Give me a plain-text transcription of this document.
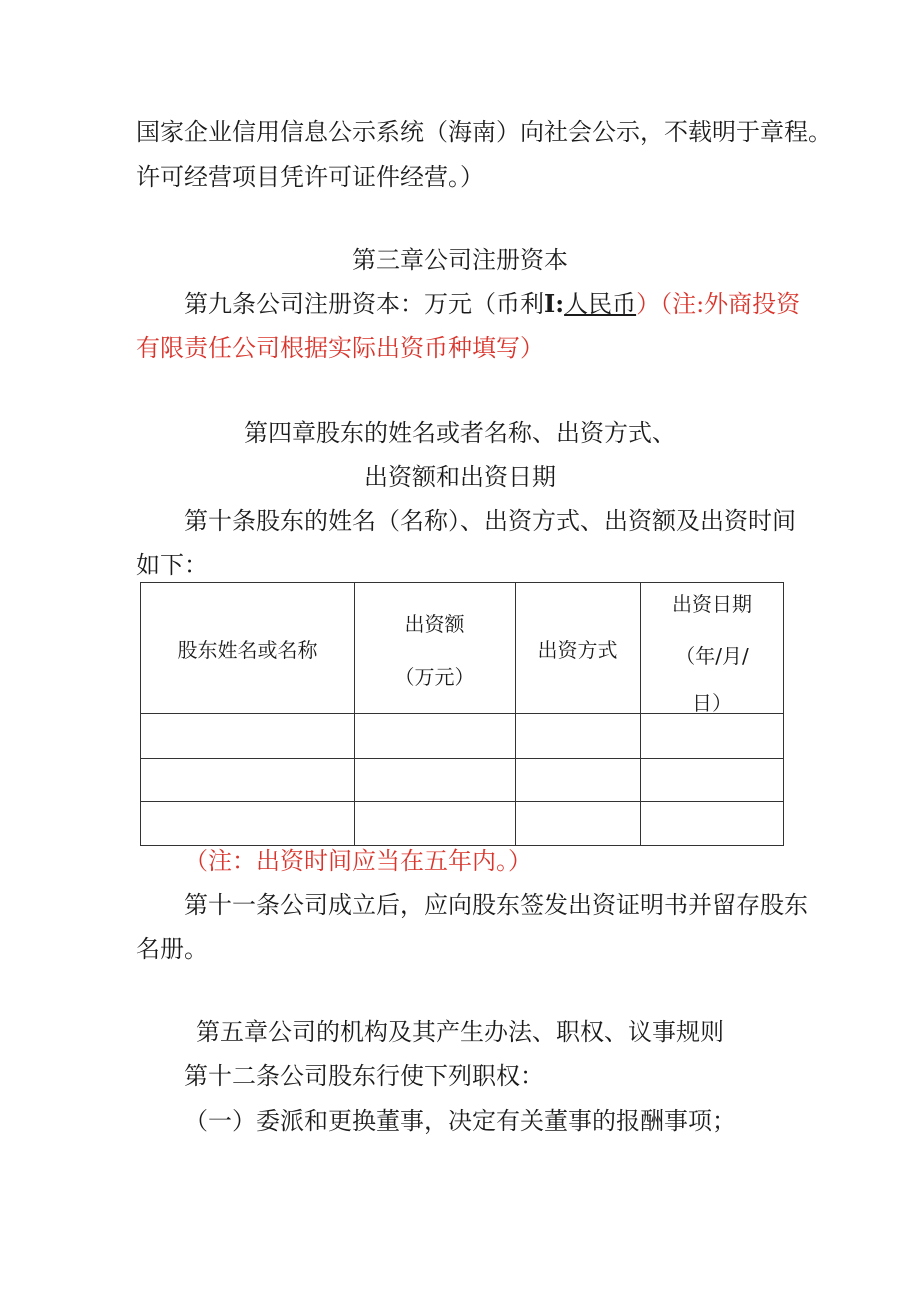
国家企业信用信息公示系统（海南）向社会公示，不载明于章程。
许可经营项目凭许可证件经营。）
第三章公司注册资本
第九条公司注册资本：万元（币利I:人民币）（注:外商投资
有限责任公司根据实际出资币种填写）
第四章股东的姓名或者名称、出资方式、
出资额和出资日期
第十条股东的姓名（名称）、出资方式、出资额及出资时间
如下：
股东姓名或名称
出资额
（万元）
出资方式
出资日期
（年/月/
日）
（注：出资时间应当在五年内。）
第十一条公司成立后，应向股东签发出资证明书并留存股东
名册。
第五章公司的机构及其产生办法、职权、议事规则
第十二条公司股东行使下列职权：
（一）委派和更换董事，决定有关董事的报酬事项；
